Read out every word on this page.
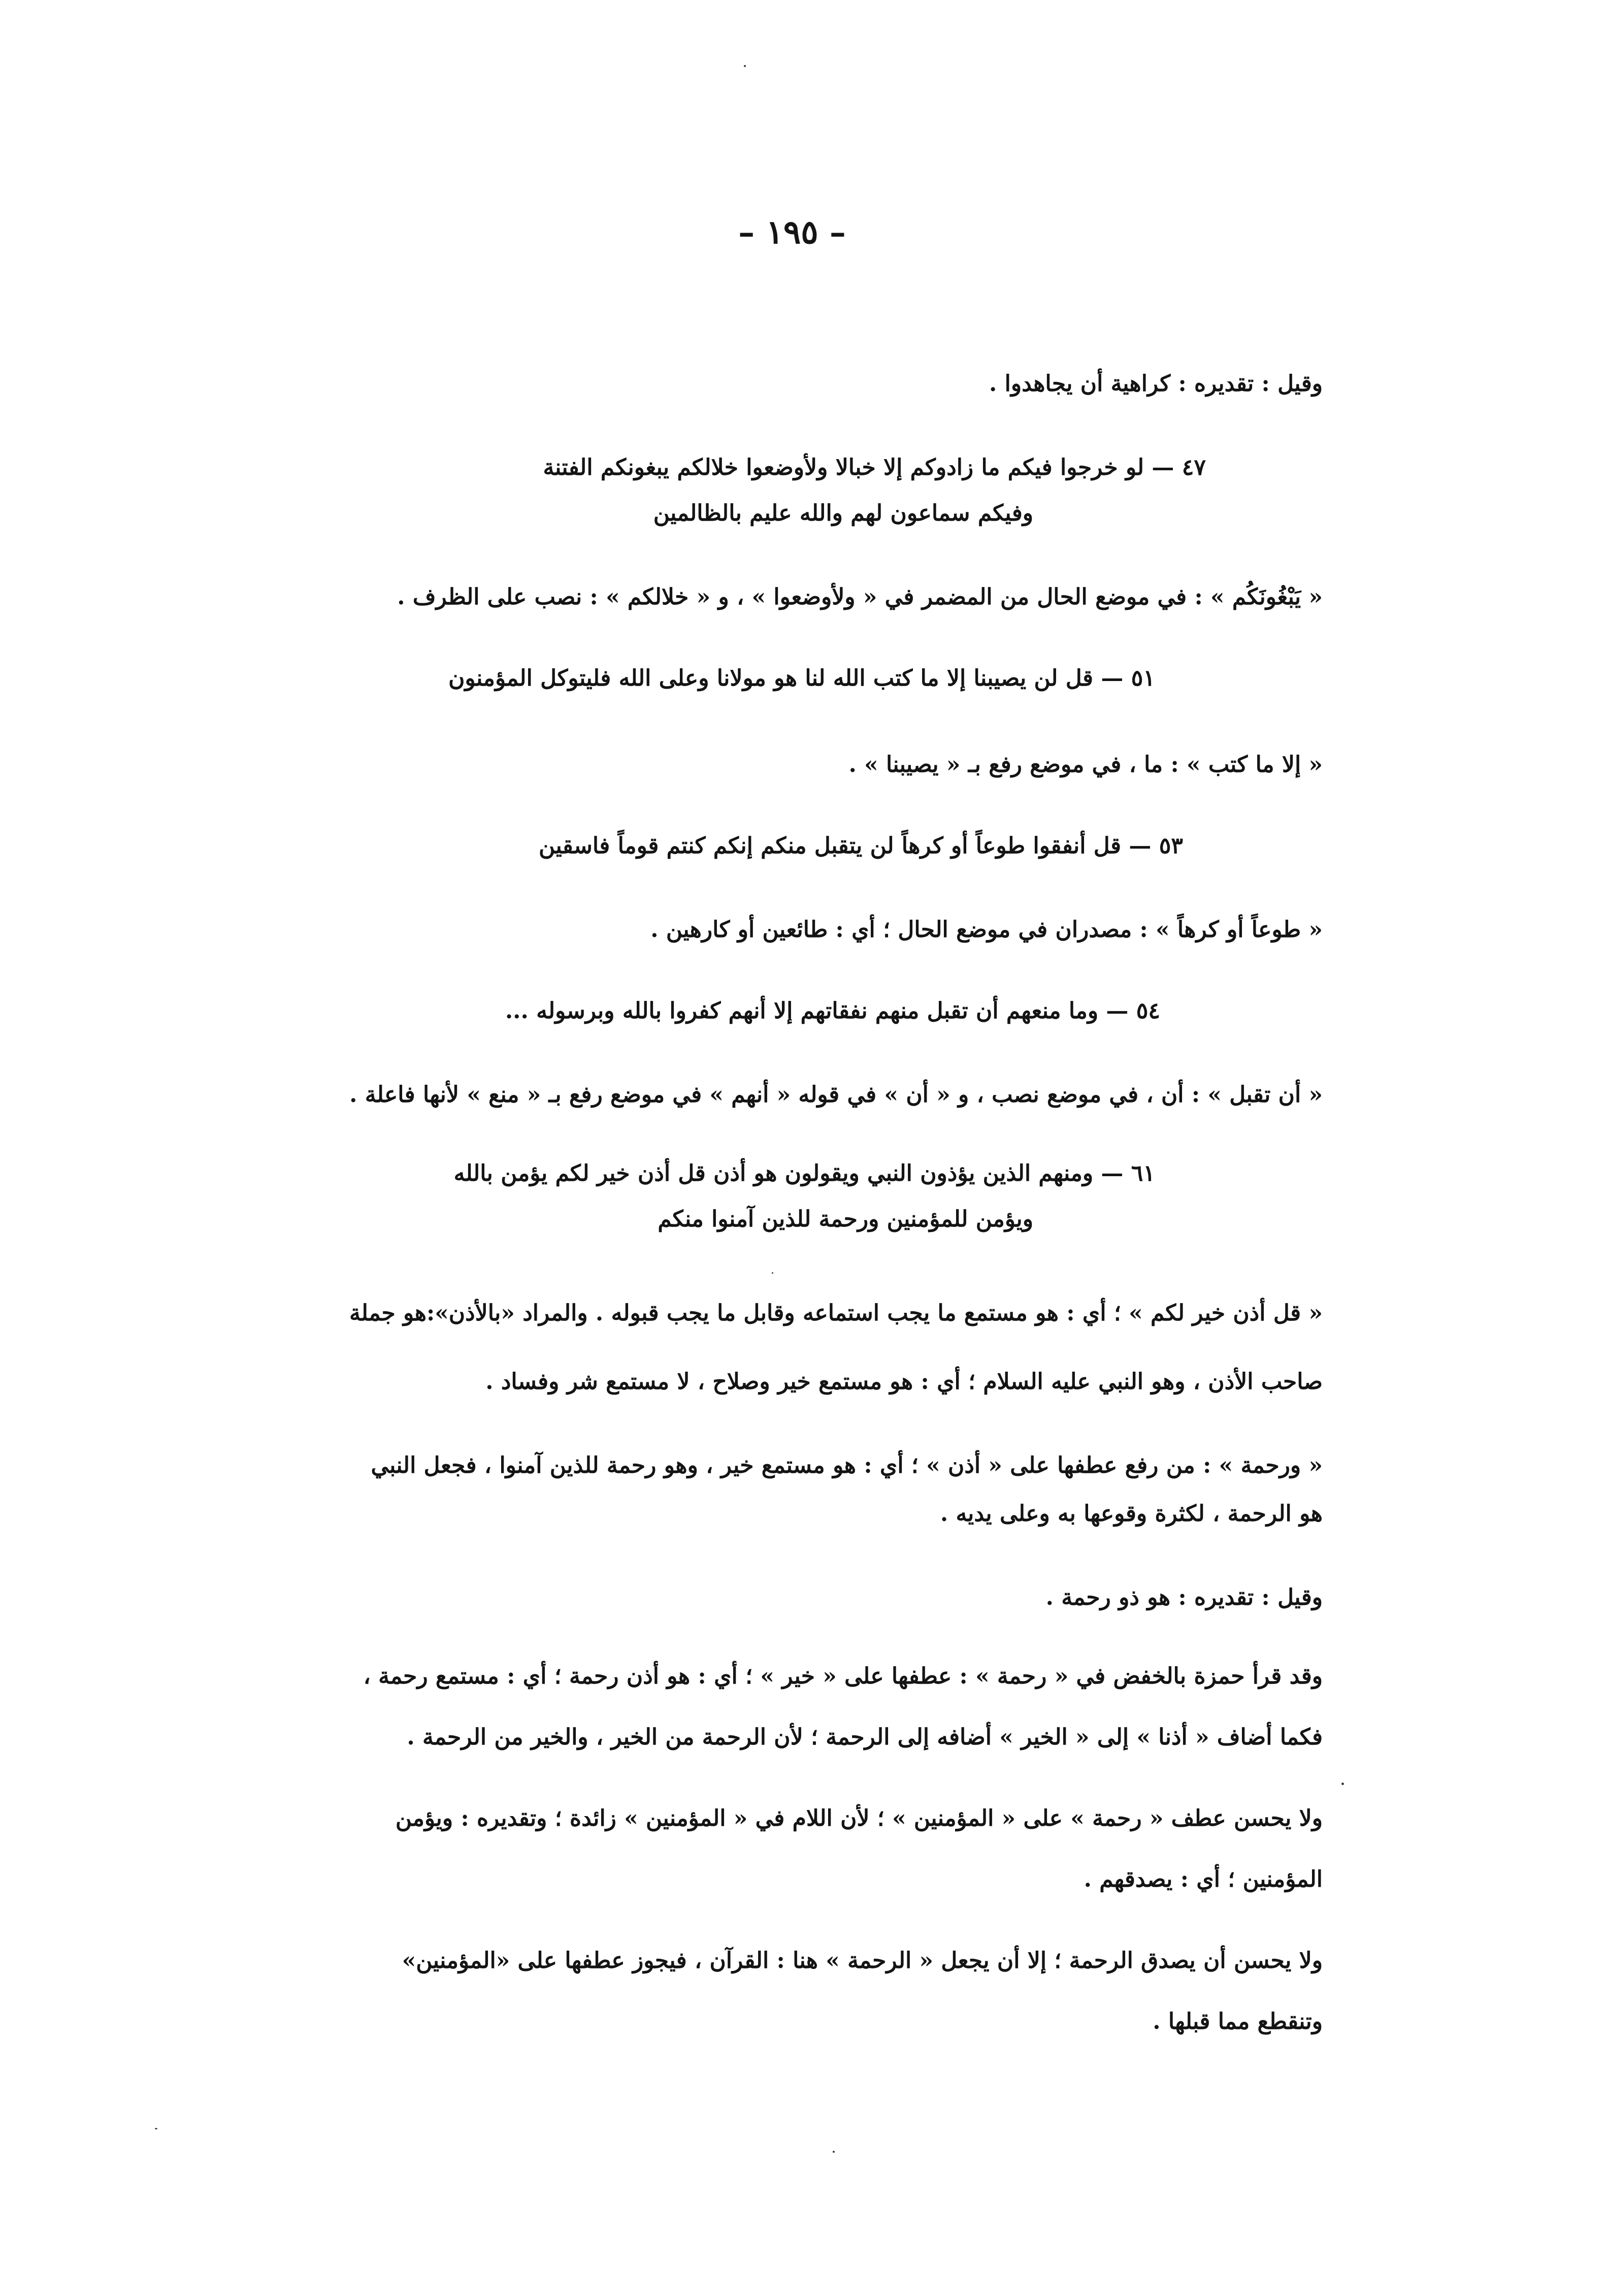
– ١٩٥ –
وقيل : تقديره : كراهية أن يجاهدوا .
٤٧ — لو خرجوا فيكم ما زادوكم إلا خبالا ولأوضعوا خلالكم يبغونكم الفتنة
وفيكم سماعون لهم والله عليم بالظالمين
« يَبْغُونَكُم » : في موضع الحال من المضمر في « ولأوضعوا » ، و « خلالكم » : نصب على الظرف .
٥١ — قل لن يصيبنا إلا ما كتب الله لنا هو مولانا وعلى الله فليتوكل المؤمنون
« إلا ما كتب » : ما ، في موضع رفع بـ « يصيبنا » .
٥٣ — قل أنفقوا طوعاً أو كرهاً لن يتقبل منكم إنكم كنتم قوماً فاسقين
« طوعاً أو كرهاً » : مصدران في موضع الحال ؛ أي : طائعين أو كارهين .
٥٤ — وما منعهم أن تقبل منهم نفقاتهم إلا أنهم كفروا بالله وبرسوله ...
« أن تقبل » : أن ، في موضع نصب ، و « أن » في قوله « أنهم » في موضع رفع بـ « منع » لأنها فاعلة .
٦١ — ومنهم الذين يؤذون النبي ويقولون هو أذن قل أذن خير لكم يؤمن بالله
ويؤمن للمؤمنين ورحمة للذين آمنوا منكم
« قل أذن خير لكم » ؛ أي : هو مستمع ما يجب استماعه وقابل ما يجب قبوله . والمراد «بالأذن»:هو جملة
صاحب الأذن ، وهو النبي عليه السلام ؛ أي : هو مستمع خير وصلاح ، لا مستمع شر وفساد .
« ورحمة » : من رفع عطفها على « أذن » ؛ أي : هو مستمع خير ، وهو رحمة للذين آمنوا ، فجعل النبي
هو الرحمة ، لكثرة وقوعها به وعلى يديه .
وقيل : تقديره : هو ذو رحمة .
وقد قرأ حمزة بالخفض في « رحمة » : عطفها على « خير » ؛ أي : هو أذن رحمة ؛ أي : مستمع رحمة ،
فكما أضاف « أذنا » إلى « الخير » أضافه إلى الرحمة ؛ لأن الرحمة من الخير ، والخير من الرحمة .
ولا يحسن عطف « رحمة » على « المؤمنين » ؛ لأن اللام في « المؤمنين » زائدة ؛ وتقديره : ويؤمن
المؤمنين ؛ أي : يصدقهم .
ولا يحسن أن يصدق الرحمة ؛ إلا أن يجعل « الرحمة » هنا : القرآن ، فيجوز عطفها على «المؤمنين»
وتنقطع مما قبلها .
